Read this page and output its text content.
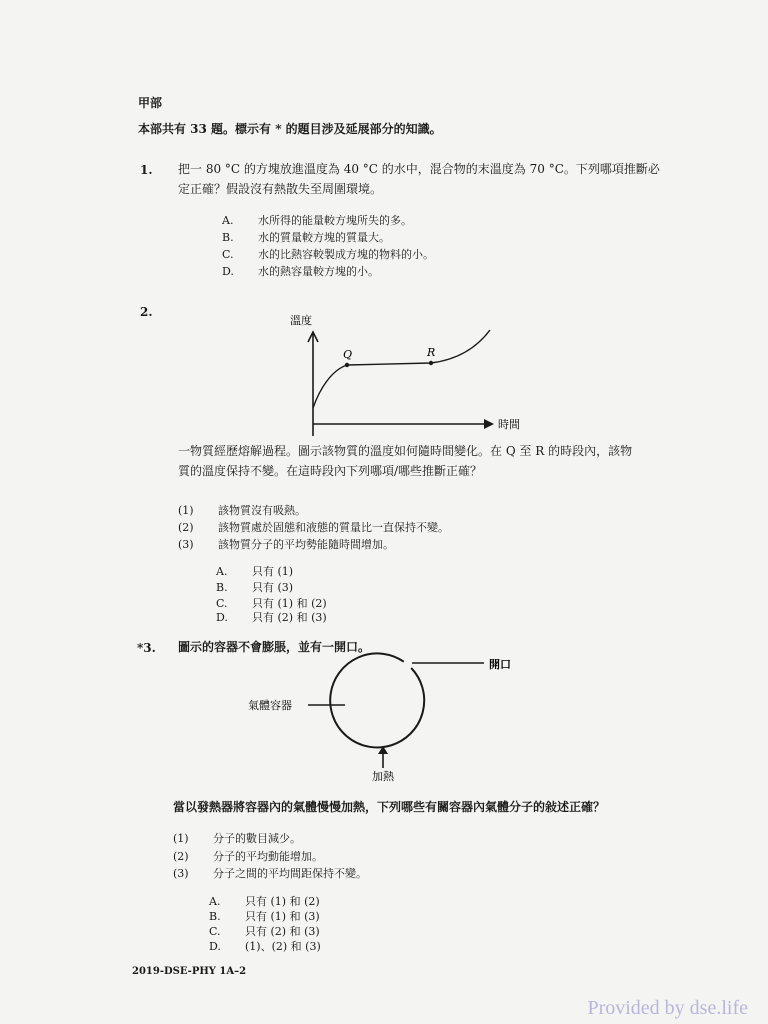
甲部
本部共有 33 題。標示有 * 的題目涉及延展部分的知識。
1. 把一 80 °C 的方塊放進溫度為 40 °C 的水中，混合物的末溫度為 70 °C。下列哪項推斷必
定正確？假設沒有熱散失至周圍環境。
A. 水所得的能量較方塊所失的多。
B. 水的質量較方塊的質量大。
C. 水的比熱容較製成方塊的物料的小。
D. 水的熱容量較方塊的小。
2.
Q	R
溫度
時間
一物質經歷熔解過程。圖示該物質的溫度如何隨時間變化。在 Q 至 R 的時段內，該物
質的溫度保持不變。在這時段內下列哪項/哪些推斷正確？
(1) 該物質沒有吸熱。
(2) 該物質處於固態和液態的質量比一直保持不變。
(3) 該物質分子的平均勢能隨時間增加。
A. 只有 (1)
B. 只有 (3)
C. 只有 (1) 和 (2)
D. 只有 (2) 和 (3)
*3. 圖示的容器不會膨脹，並有一開口。
開口
氣體容器
加熱
當以發熱器將容器內的氣體慢慢加熱，下列哪些有關容器內氣體分子的敍述正確？
(1) 分子的數目減少。
(2) 分子的平均動能增加。
(3) 分子之間的平均間距保持不變。
A. 只有 (1) 和 (2)
B. 只有 (1) 和 (3)
C. 只有 (2) 和 (3)
D. (1)、(2) 和 (3)
2019-DSE-PHY 1A–2
Provided by dse.life
